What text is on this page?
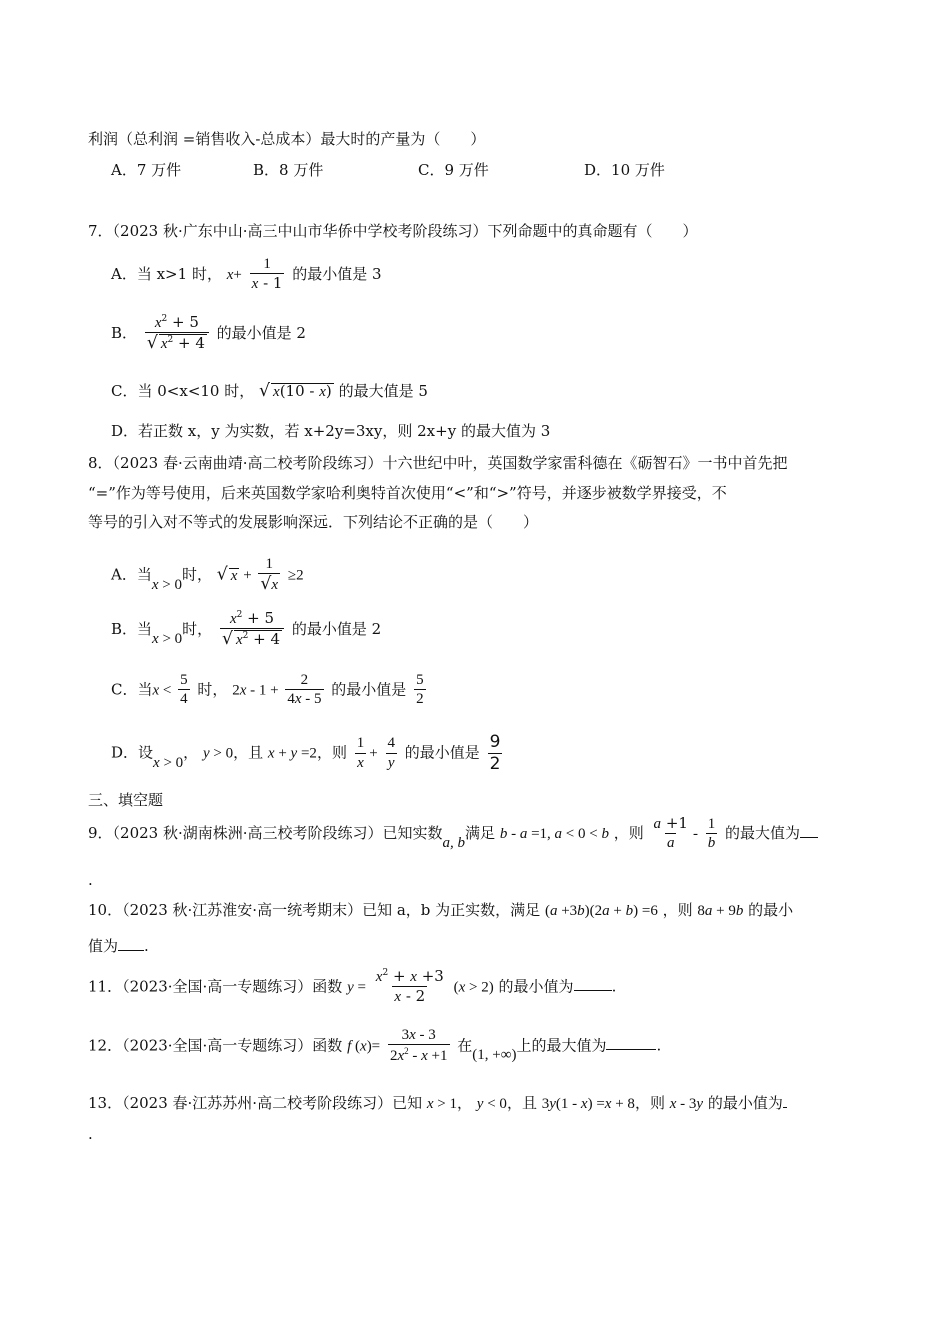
利润（总利润 =销售收入-总成本）最大时的产量为（　　）
A．7 万件	B．8 万件	C．9 万件	D．10 万件
7．（2023 秋·广东中山·高三中山市华侨中学校考阶段练习）下列命题中的真命题有（　　）
A．当 x>1 时， $x+ \frac{1}{x - 1}$ 的最小值是 3
B． $\frac{x^2 + 5}{√ x^2 + 4}$ 的最小值是 2
C．当 0<x<10 时， √ x(10 - x) 的最大值是 5
D．若正数 x，y 为实数，若 x+2y=3xy，则 2x+y 的最大值为 3
8．（2023 春·云南曲靖·高二校考阶段练习）十六世纪中叶，英国数学家雷科德在《砺智石》一书中首先把
“=”作为等号使用，后来英国数学家哈利奥特首次使用“<”和“>”符号，并逐步被数学界接受，不
等号的引入对不等式的发展影响深远．下列结论不正确的是（　　）
A．当x > 0时， √ $x + \frac{1}{√x} \ge 2$
B．当x > 0时， $\frac{x^2 + 5}{√ x^2 + 4}$ 的最小值是 2
C．当$x < \frac{5}{4}$ 时， $2x - 1 + \frac{2}{4x - 5}$ 的最小值是 $\frac{5}{2}$
D．设x > 0， y > 0，且 x + y =2，则 $\frac{1}{x} + \frac{4}{y}$ 的最小值是 $\frac{9}{2}$
三、填空题
9．（2023 秋·湖南株洲·高三校考阶段练习）已知实数a, b满足 b - a =1, a < 0 < b ，则 $\frac{a +1}{a} - \frac{1}{b}$ 的最大值为
.
10．（2023 秋·江苏淮安·高一统考期末）已知 a，b 为正实数，满足 (a +3b)(2a + b) =6 ，则 8a + 9b 的最小
值为 .
11．（2023·全国·高一专题练习）函数 $y = \frac{x^2 + x +3}{x - 2} (x > 2)$ 的最小值为	.
12．（2023·全国·高一专题练习）函数 f $(x)= \frac{3x - 3}{2x^2 - x +1}$ 在(1, +∞)上的最大值为	.
13．（2023 春·江苏苏州·高二校考阶段练习）已知 x > 1， y < 0，且 3y(1 - x) =x + 8，则 x - 3y 的最小值为
.
